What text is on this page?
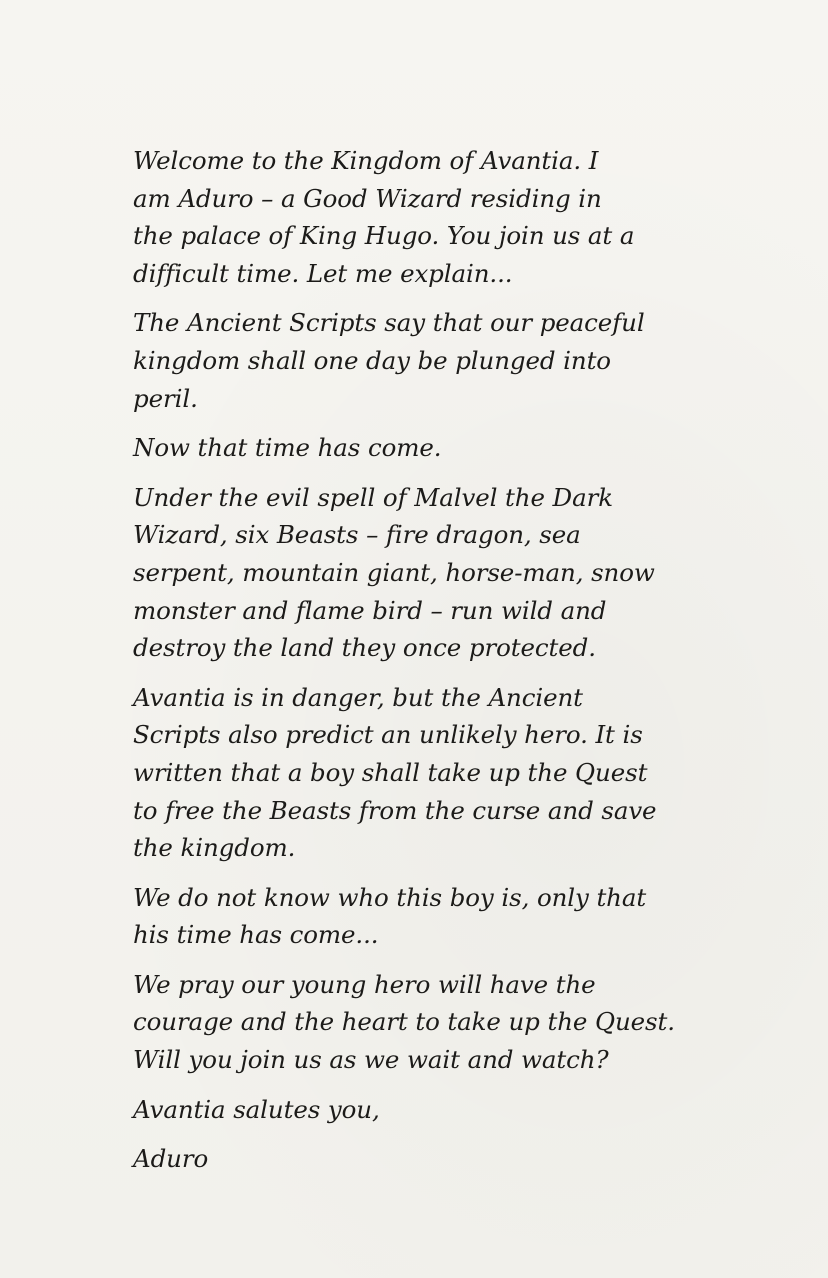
Welcome to the Kingdom of Avantia. I
am Aduro – a Good Wizard residing in
the palace of King Hugo. You join us at a
difficult time. Let me explain...

The Ancient Scripts say that our peaceful
kingdom shall one day be plunged into
peril.

Now that time has come.

Under the evil spell of Malvel the Dark
Wizard, six Beasts – fire dragon, sea
serpent, mountain giant, horse-man, snow
monster and flame bird – run wild and
destroy the land they once protected.

Avantia is in danger, but the Ancient
Scripts also predict an unlikely hero. It is
written that a boy shall take up the Quest
to free the Beasts from the curse and save
the kingdom.

We do not know who this boy is, only that
his time has come...

We pray our young hero will have the
courage and the heart to take up the Quest.
Will you join us as we wait and watch?

Avantia salutes you,

Aduro
